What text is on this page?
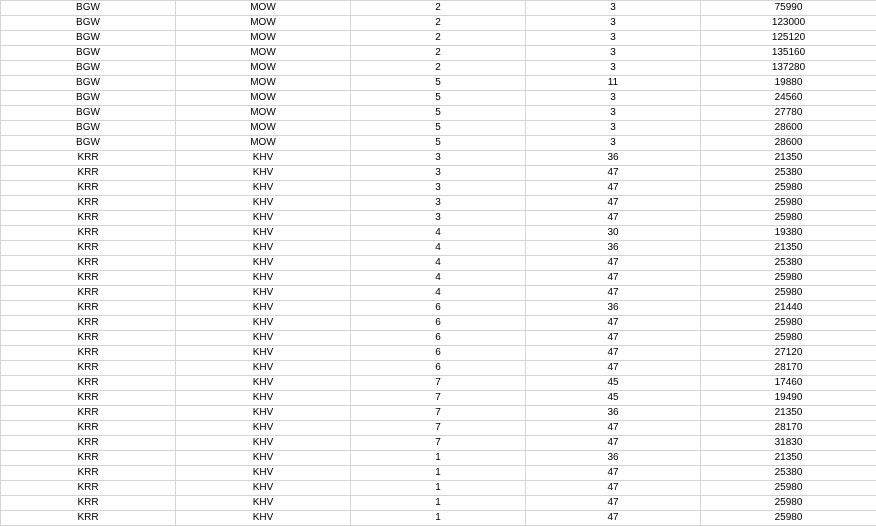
BGW	MOW	2	3	75990
BGW	MOW	2	3	123000
BGW	MOW	2	3	125120
BGW	MOW	2	3	135160
BGW	MOW	2	3	137280
BGW	MOW	5	11	19880
BGW	MOW	5	3	24560
BGW	MOW	5	3	27780
BGW	MOW	5	3	28600
BGW	MOW	5	3	28600
KRR	KHV	3	36	21350
KRR	KHV	3	47	25380
KRR	KHV	3	47	25980
KRR	KHV	3	47	25980
KRR	KHV	3	47	25980
KRR	KHV	4	30	19380
KRR	KHV	4	36	21350
KRR	KHV	4	47	25380
KRR	KHV	4	47	25980
KRR	KHV	4	47	25980
KRR	KHV	6	36	21440
KRR	KHV	6	47	25980
KRR	KHV	6	47	25980
KRR	KHV	6	47	27120
KRR	KHV	6	47	28170
KRR	KHV	7	45	17460
KRR	KHV	7	45	19490
KRR	KHV	7	36	21350
KRR	KHV	7	47	28170
KRR	KHV	7	47	31830
KRR	KHV	1	36	21350
KRR	KHV	1	47	25380
KRR	KHV	1	47	25980
KRR	KHV	1	47	25980
KRR	KHV	1	47	25980
